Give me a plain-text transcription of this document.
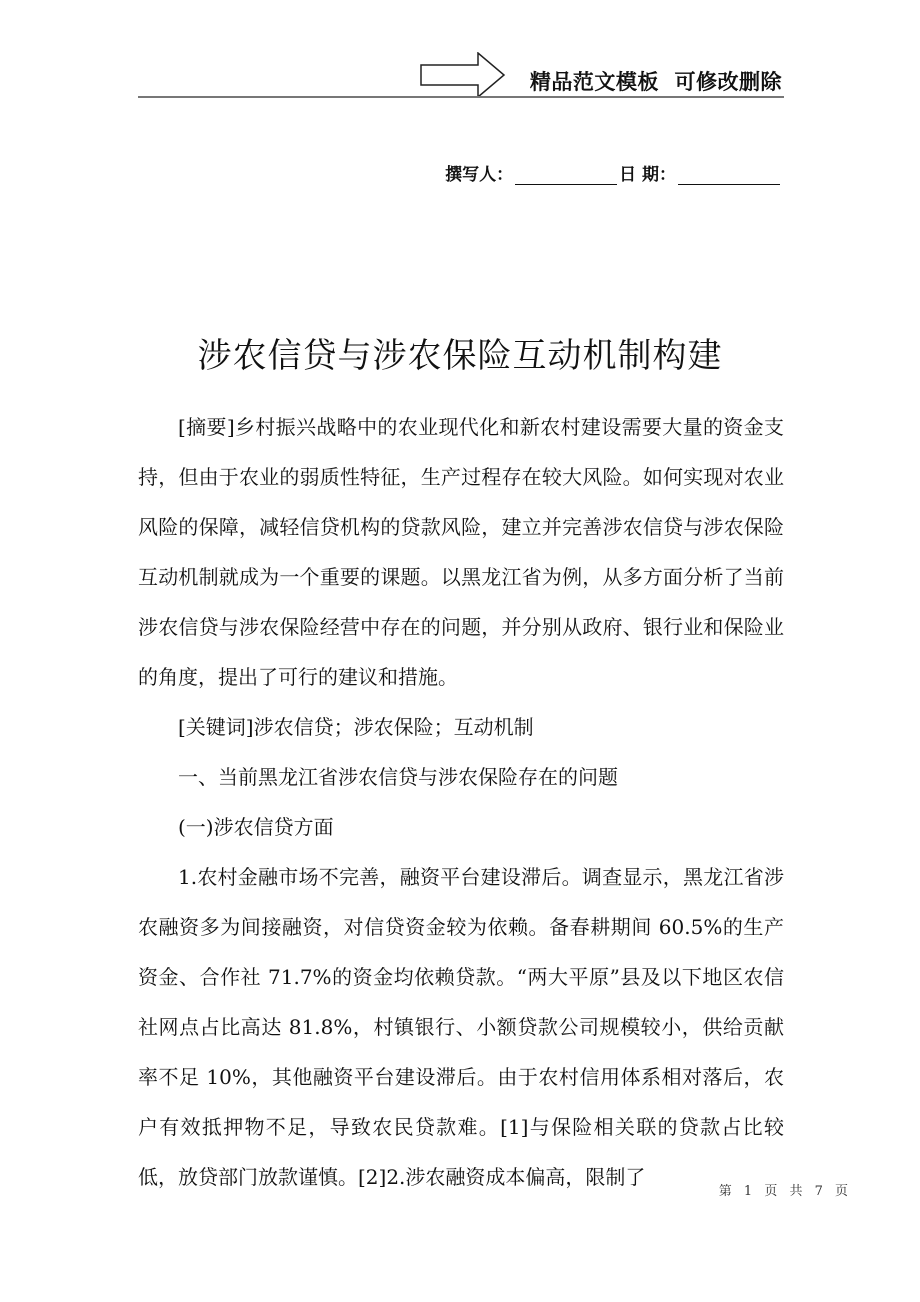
精品范文模板  可修改删除
撰写人：	日 期：
涉农信贷与涉农保险互动机制构建

[摘要]乡村振兴战略中的农业现代化和新农村建设需要大量的资金支持，但由于农业的弱质性特征，生产过程存在较大风险。如何实现对农业风险的保障，减轻信贷机构的贷款风险，建立并完善涉农信贷与涉农保险互动机制就成为一个重要的课题。以黑龙江省为例，从多方面分析了当前涉农信贷与涉农保险经营中存在的问题，并分别从政府、银行业和保险业的角度，提出了可行的建议和措施。

[关键词]涉农信贷；涉农保险；互动机制

一、当前黑龙江省涉农信贷与涉农保险存在的问题

(一)涉农信贷方面

1.农村金融市场不完善，融资平台建设滞后。调查显示，黑龙江省涉农融资多为间接融资，对信贷资金较为依赖。备春耕期间 60.5%的生产资金、合作社 71.7%的资金均依赖贷款。“两大平原”县及以下地区农信社网点占比高达 81.8%，村镇银行、小额贷款公司规模较小，供给贡献率不足 10%，其他融资平台建设滞后。由于农村信用体系相对落后，农户有效抵押物不足，导致农民贷款难。[1]与保险相关联的贷款占比较低，放贷部门放款谨慎。[2]2.涉农融资成本偏高，限制了

第 1 页 共 7 页
